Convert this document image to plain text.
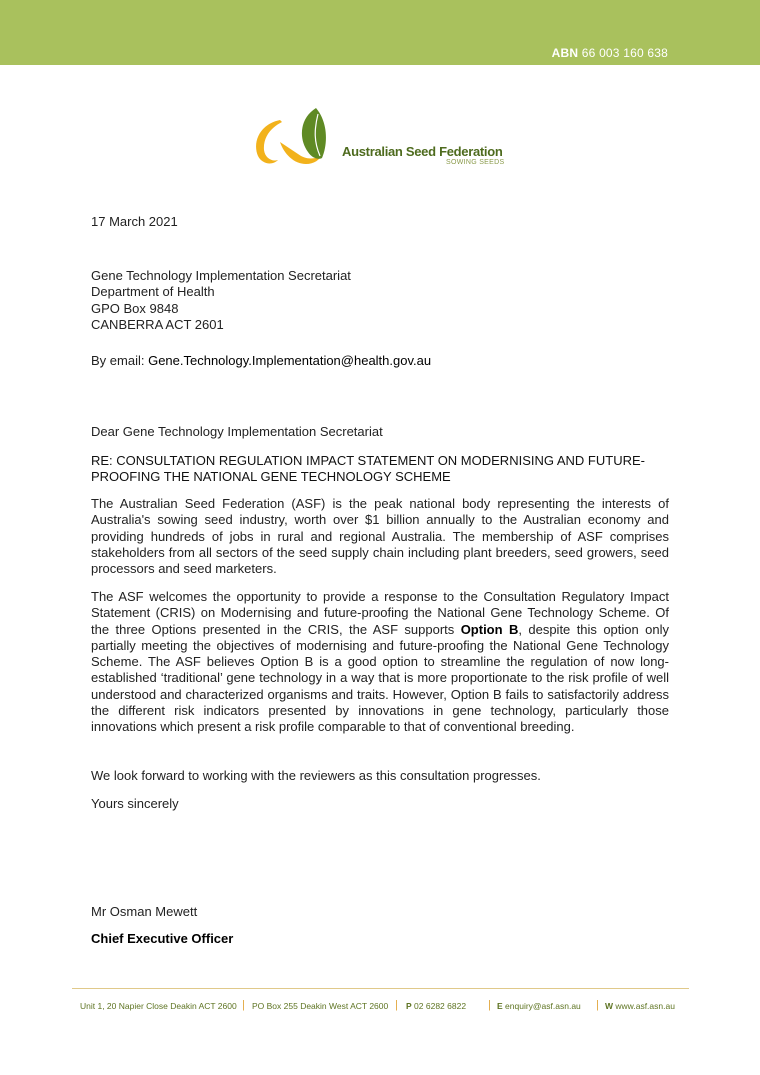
ABN 66 003 160 638
Australian Seed Federation
SOWING SEEDS
17 March 2021
Gene Technology Implementation Secretariat
Department of Health
GPO Box 9848
CANBERRA ACT 2601
By email: Gene.Technology.Implementation@health.gov.au
Dear Gene Technology Implementation Secretariat
RE: CONSULTATION REGULATION IMPACT STATEMENT ON MODERNISING AND FUTURE-PROOFING THE NATIONAL GENE TECHNOLOGY SCHEME
The Australian Seed Federation (ASF) is the peak national body representing the interests of Australia's sowing seed industry, worth over $1 billion annually to the Australian economy and providing hundreds of jobs in rural and regional Australia. The membership of ASF comprises stakeholders from all sectors of the seed supply chain including plant breeders, seed growers, seed processors and seed marketers.
The ASF welcomes the opportunity to provide a response to the Consultation Regulatory Impact Statement (CRIS) on Modernising and future-proofing the National Gene Technology Scheme. Of the three Options presented in the CRIS, the ASF supports Option B, despite this option only partially meeting the objectives of modernising and future-proofing the National Gene Technology Scheme. The ASF believes Option B is a good option to streamline the regulation of now long-established ‘traditional’ gene technology in a way that is more proportionate to the risk profile of well understood and characterized organisms and traits. However, Option B fails to satisfactorily address the different risk indicators presented by innovations in gene technology, particularly those innovations which present a risk profile comparable to that of conventional breeding.
We look forward to working with the reviewers as this consultation progresses.
Yours sincerely
Mr Osman Mewett
Chief Executive Officer
Unit 1, 20 Napier Close Deakin ACT 2600 | PO Box 255 Deakin West ACT 2600 | P 02 6282 6822 | E enquiry@asf.asn.au | W www.asf.asn.au
